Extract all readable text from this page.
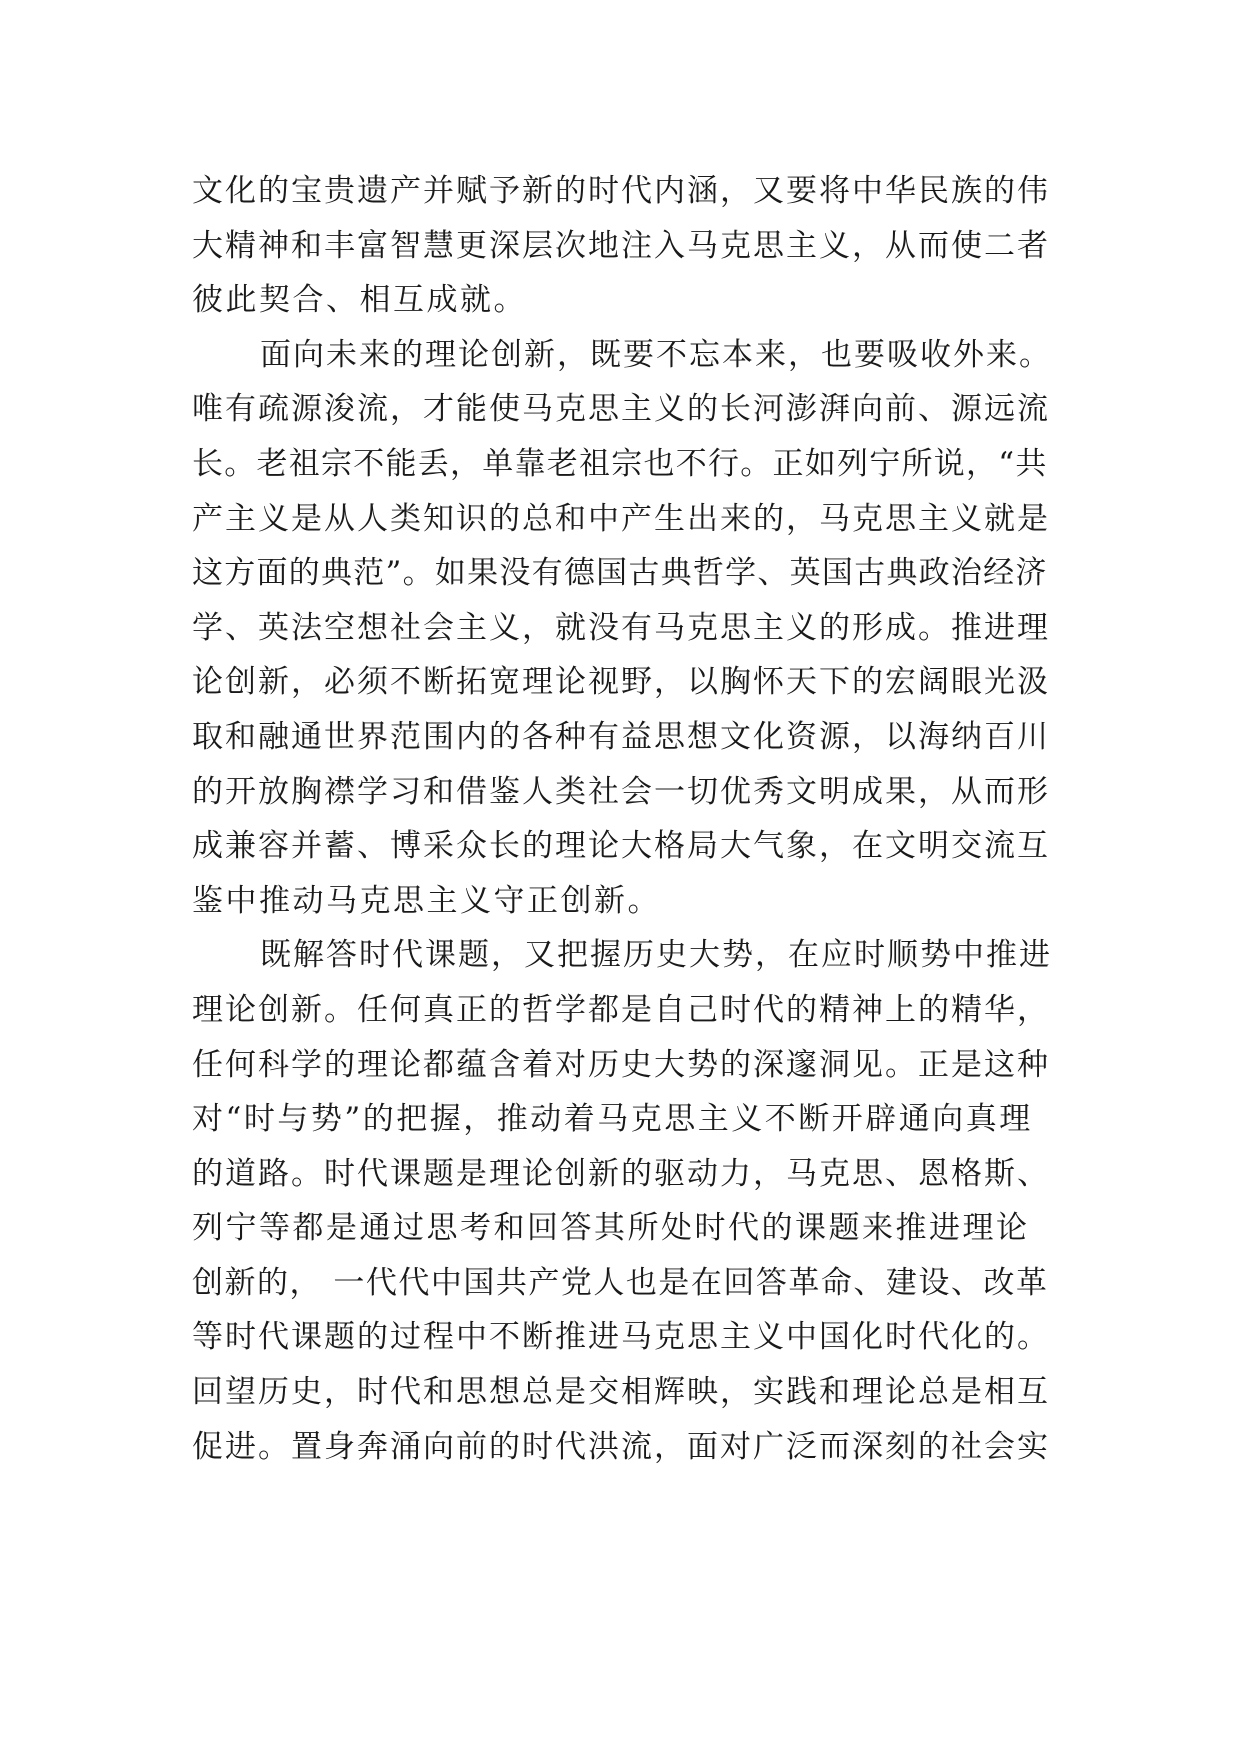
文化的宝贵遗产并赋予新的时代内涵，又要将中华民族的伟
大精神和丰富智慧更深层次地注入马克思主义，从而使二者
彼此契合、相互成就。
面向未来的理论创新，既要不忘本来，也要吸收外来。
唯有疏源浚流，才能使马克思主义的长河澎湃向前、源远流
长。老祖宗不能丢，单靠老祖宗也不行。正如列宁所说，“共
产主义是从人类知识的总和中产生出来的，马克思主义就是
这方面的典范”。如果没有德国古典哲学、英国古典政治经济
学、英法空想社会主义，就没有马克思主义的形成。推进理
论创新，必须不断拓宽理论视野，以胸怀天下的宏阔眼光汲
取和融通世界范围内的各种有益思想文化资源，以海纳百川
的开放胸襟学习和借鉴人类社会一切优秀文明成果，从而形
成兼容并蓄、博采众长的理论大格局大气象，在文明交流互
鉴中推动马克思主义守正创新。
既解答时代课题，又把握历史大势，在应时顺势中推进
理论创新。任何真正的哲学都是自己时代的精神上的精华，
任何科学的理论都蕴含着对历史大势的深邃洞见。正是这种
对“时与势”的把握，推动着马克思主义不断开辟通向真理
的道路。时代课题是理论创新的驱动力，马克思、恩格斯、
列宁等都是通过思考和回答其所处时代的课题来推进理论
创新的， 一代代中国共产党人也是在回答革命、建设、改革
等时代课题的过程中不断推进马克思主义中国化时代化的。
回望历史，时代和思想总是交相辉映，实践和理论总是相互
促进。置身奔涌向前的时代洪流，面对广泛而深刻的社会实
